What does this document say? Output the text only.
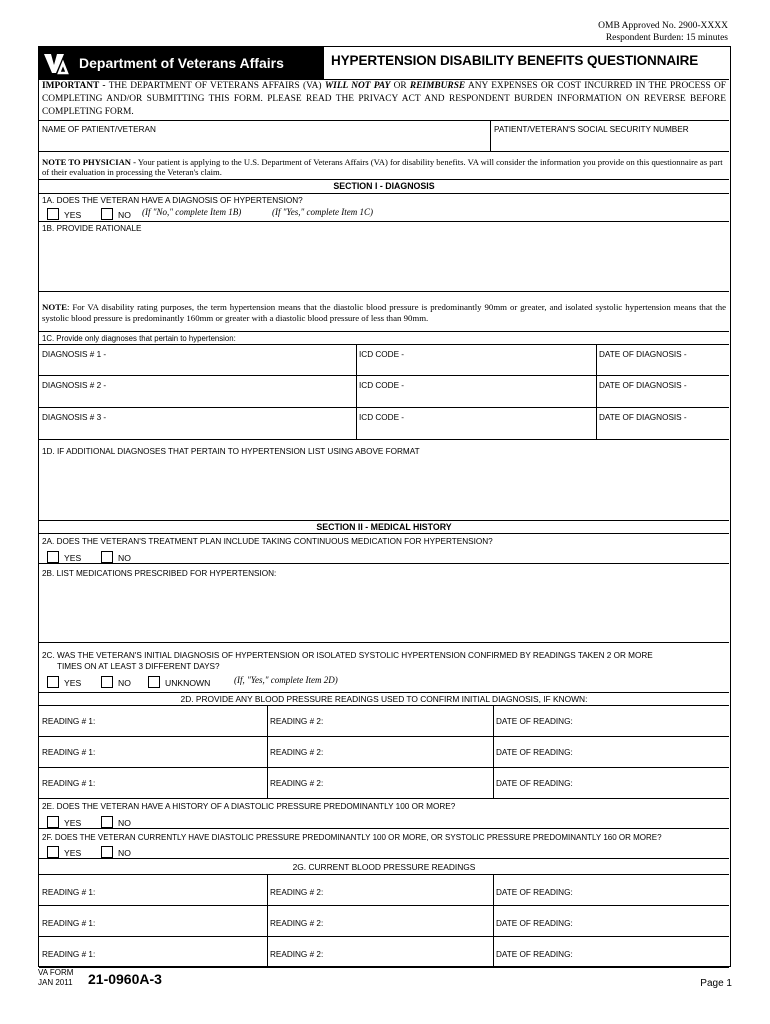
OMB Approved No. 2900-XXXX
Respondent Burden: 15 minutes
Department of Veterans Affairs	HYPERTENSION DISABILITY BENEFITS QUESTIONNAIRE
IMPORTANT - THE DEPARTMENT OF VETERANS AFFAIRS (VA) WILL NOT PAY OR REIMBURSE ANY EXPENSES OR COST INCURRED IN THE PROCESS OF COMPLETING AND/OR SUBMITTING THIS FORM. PLEASE READ THE PRIVACY ACT AND RESPONDENT BURDEN INFORMATION ON REVERSE BEFORE COMPLETING FORM.
NAME OF PATIENT/VETERAN	PATIENT/VETERAN'S SOCIAL SECURITY NUMBER
NOTE TO PHYSICIAN - Your patient is applying to the U.S. Department of Veterans Affairs (VA) for disability benefits. VA will consider the information you provide on this questionnaire as part of their evaluation in processing the Veteran's claim.
SECTION I - DIAGNOSIS
1A. DOES THE VETERAN HAVE A DIAGNOSIS OF HYPERTENSION?
YES	NO (If "No," complete Item 1B)	(If "Yes," complete Item 1C)
1B. PROVIDE RATIONALE
NOTE: For VA disability rating purposes, the term hypertension means that the diastolic blood pressure is predominantly 90mm or greater, and isolated systolic hypertension means that the systolic blood pressure is predominantly 160mm or greater with a diastolic blood pressure of less than 90mm.
1C. Provide only diagnoses that pertain to hypertension:
DIAGNOSIS # 1 -	ICD CODE -	DATE OF DIAGNOSIS -
DIAGNOSIS # 2 -	ICD CODE -	DATE OF DIAGNOSIS -
DIAGNOSIS # 3 -	ICD CODE -	DATE OF DIAGNOSIS -
1D. IF ADDITIONAL DIAGNOSES THAT PERTAIN TO HYPERTENSION LIST USING ABOVE FORMAT
SECTION II - MEDICAL HISTORY
2A. DOES THE VETERAN'S TREATMENT PLAN INCLUDE TAKING CONTINUOUS MEDICATION FOR HYPERTENSION?
YES	NO
2B. LIST MEDICATIONS PRESCRIBED FOR HYPERTENSION:
2C. WAS THE VETERAN'S INITIAL DIAGNOSIS OF HYPERTENSION OR ISOLATED SYSTOLIC HYPERTENSION CONFIRMED BY READINGS TAKEN 2 OR MORE
TIMES ON AT LEAST 3 DIFFERENT DAYS?
YES	NO	UNKNOWN	(If, "Yes," complete Item 2D)
2D. PROVIDE ANY BLOOD PRESSURE READINGS USED TO CONFIRM INITIAL DIAGNOSIS, IF KNOWN:
READING # 1:	READING # 2:	DATE OF READING:
READING # 1:	READING # 2:	DATE OF READING:
READING # 1:	READING # 2:	DATE OF READING:
2E. DOES THE VETERAN HAVE A HISTORY OF A DIASTOLIC PRESSURE PREDOMINANTLY 100 OR MORE?
YES	NO
2F. DOES THE VETERAN CURRENTLY HAVE DIASTOLIC PRESSURE PREDOMINANTLY 100 OR MORE, OR SYSTOLIC PRESSURE PREDOMINANTLY 160 OR MORE?
YES	NO
2G. CURRENT BLOOD PRESSURE READINGS
READING # 1:	READING # 2:	DATE OF READING:
READING # 1:	READING # 2:	DATE OF READING:
READING # 1:	READING # 2:	DATE OF READING:
VA FORM
JAN 2011 21-0960A-3	Page 1
